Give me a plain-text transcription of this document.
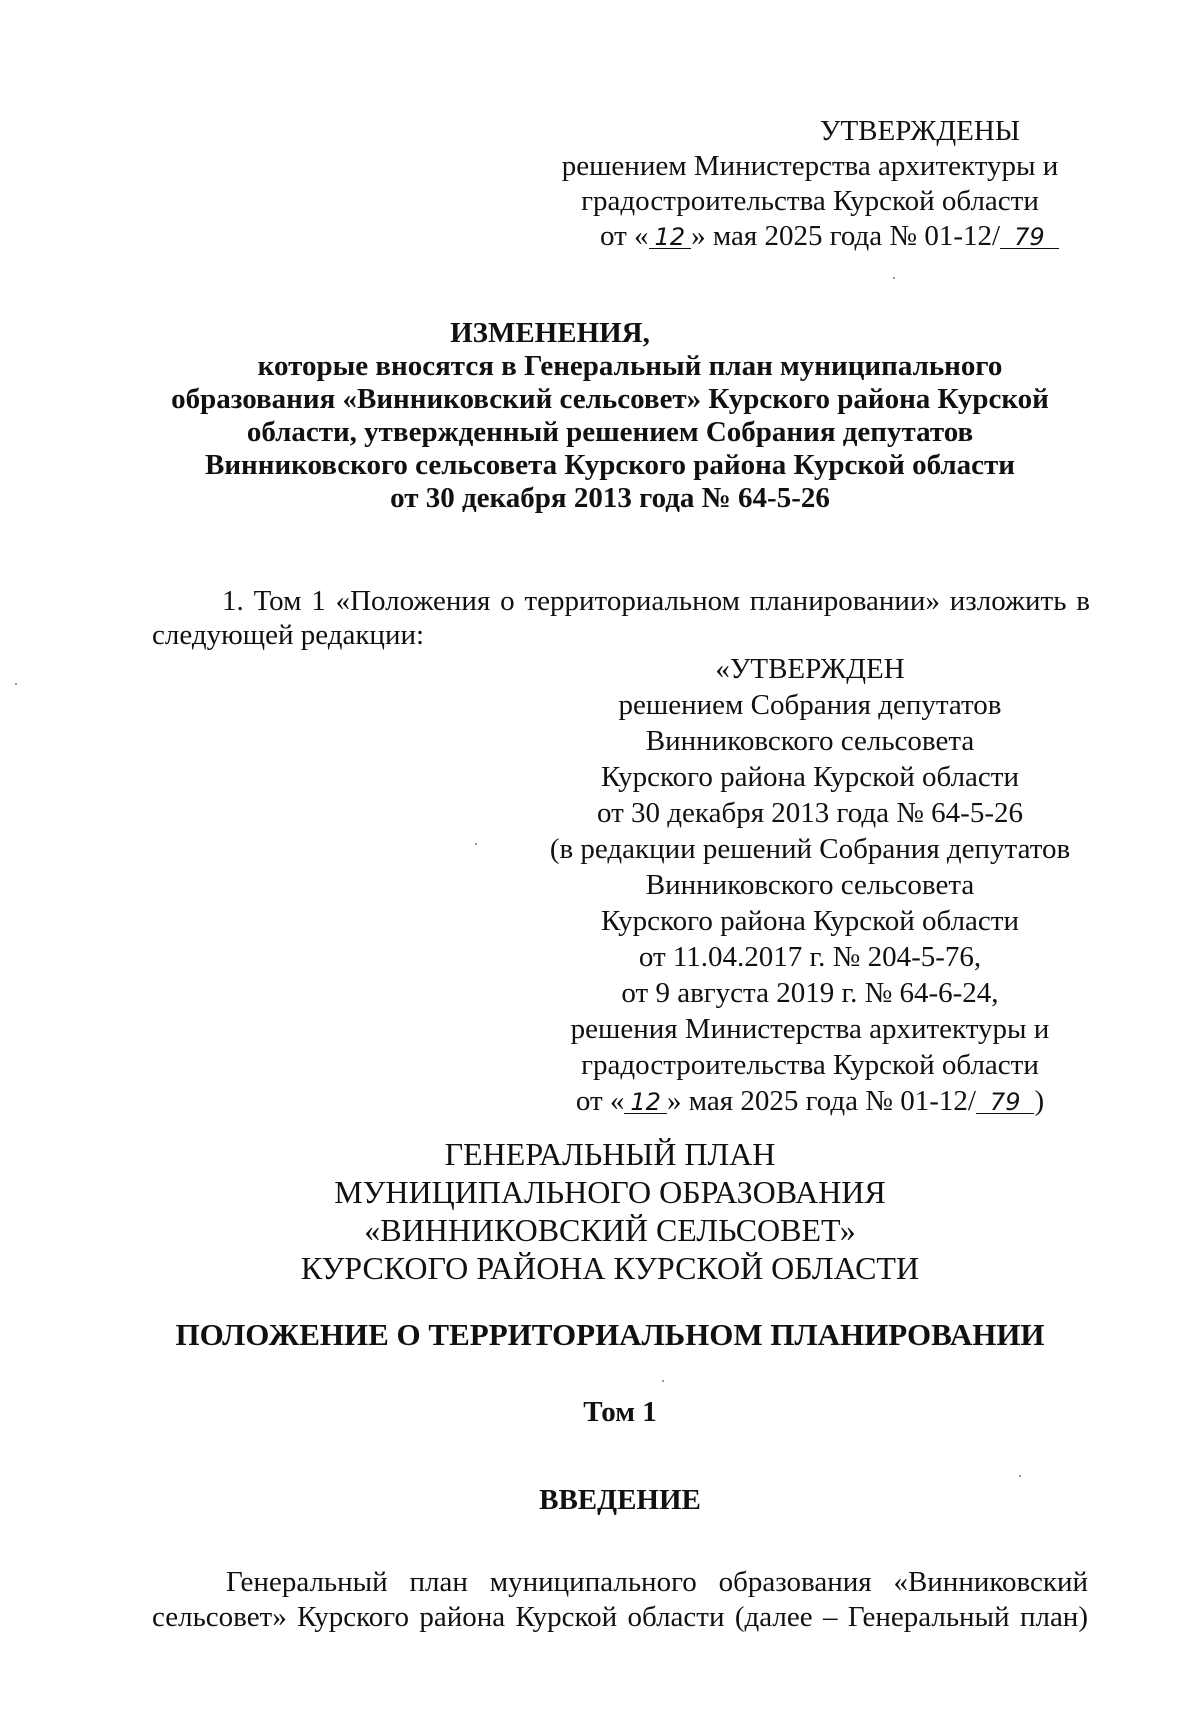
УТВЕРЖДЕНЫ
решением Министерства архитектуры и
градостроительства Курской области
от « 12 » мая 2025 года № 01-12/ 79
ИЗМЕНЕНИЯ,
которые вносятся в Генеральный план муниципального
образования «Винниковский сельсовет» Курского района Курской
области, утвержденный решением Собрания депутатов
Винниковского сельсовета Курского района Курской области
от 30 декабря 2013 года № 64-5-26
1. Том 1 «Положения о территориальном планировании» изложить в
следующей редакции:
«УТВЕРЖДЕН
решением Собрания депутатов
Винниковского сельсовета
Курского района Курской области
от 30 декабря 2013 года № 64-5-26
(в редакции решений Собрания депутатов
Винниковского сельсовета
Курского района Курской области
от 11.04.2017 г. № 204-5-76,
от 9 августа 2019 г. № 64-6-24,
решения Министерства архитектуры и
градостроительства Курской области
от « 12 » мая 2025 года № 01-12/ 79 )
ГЕНЕРАЛЬНЫЙ ПЛАН
МУНИЦИПАЛЬНОГО ОБРАЗОВАНИЯ
«ВИННИКОВСКИЙ СЕЛЬСОВЕТ»
КУРСКОГО РАЙОНА КУРСКОЙ ОБЛАСТИ
ПОЛОЖЕНИЕ О ТЕРРИТОРИАЛЬНОМ ПЛАНИРОВАНИИ
Том 1
ВВЕДЕНИЕ
Генеральный план муниципального образования «Винниковский
сельсовет» Курского района Курской области (далее – Генеральный план)
